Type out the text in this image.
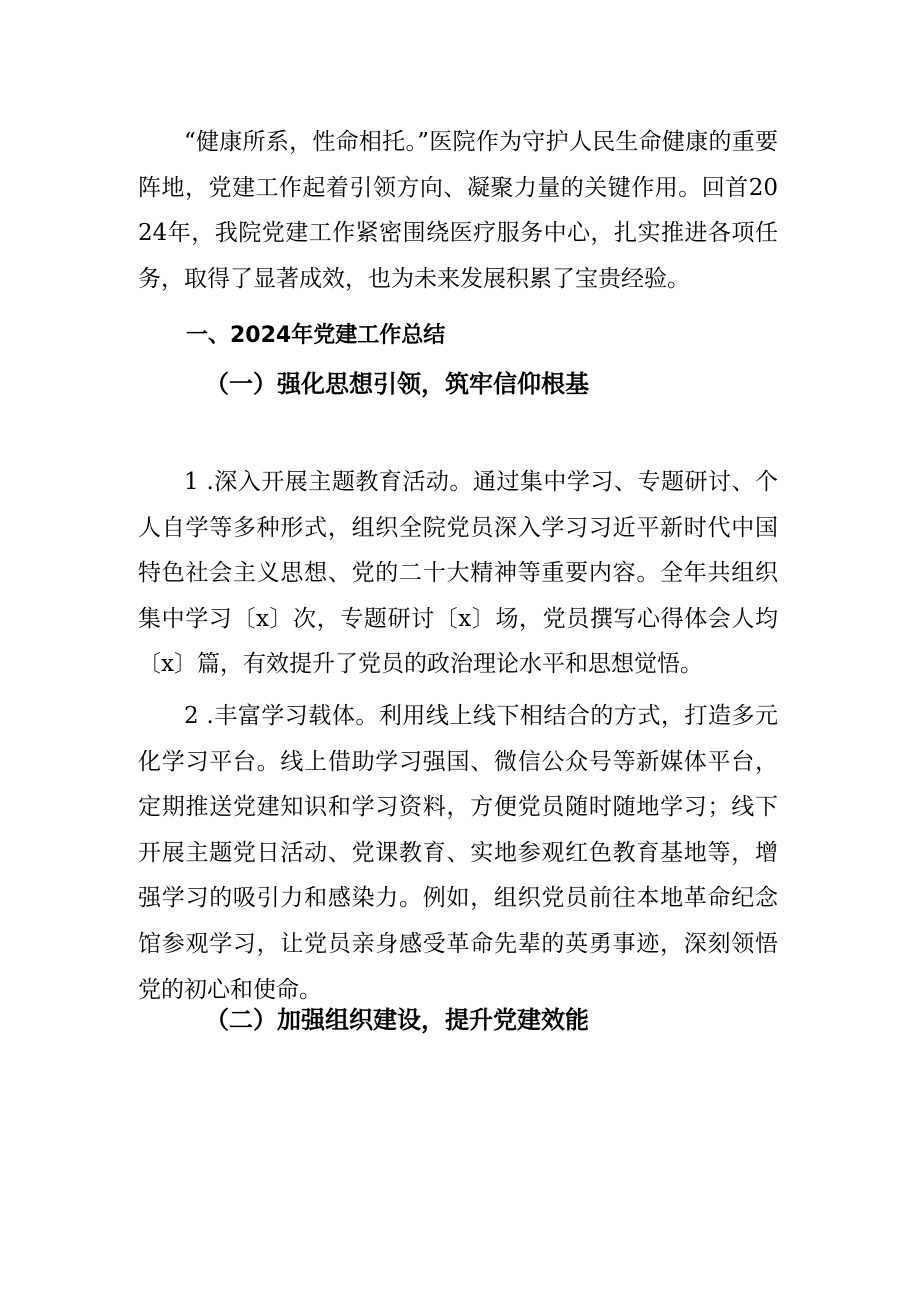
“健康所系，性命相托。”医院作为守护人民生命健康的重要阵地，党建工作起着引领方向、凝聚力量的关键作用。回首2024年，我院党建工作紧密围绕医疗服务中心，扎实推进各项任务，取得了显著成效，也为未来发展积累了宝贵经验。

一、2024年党建工作总结
（一）强化思想引领，筑牢信仰根基

1 .深入开展主题教育活动。通过集中学习、专题研讨、个人自学等多种形式，组织全院党员深入学习习近平新时代中国特色社会主义思想、党的二十大精神等重要内容。全年共组织集中学习〔x〕次，专题研讨〔x〕场，党员撰写心得体会人均〔x〕篇，有效提升了党员的政治理论水平和思想觉悟。

2 .丰富学习载体。利用线上线下相结合的方式，打造多元化学习平台。线上借助学习强国、微信公众号等新媒体平台，定期推送党建知识和学习资料，方便党员随时随地学习；线下开展主题党日活动、党课教育、实地参观红色教育基地等，增强学习的吸引力和感染力。例如，组织党员前往本地革命纪念馆参观学习，让党员亲身感受革命先辈的英勇事迹，深刻领悟党的初心和使命。

（二）加强组织建设，提升党建效能
